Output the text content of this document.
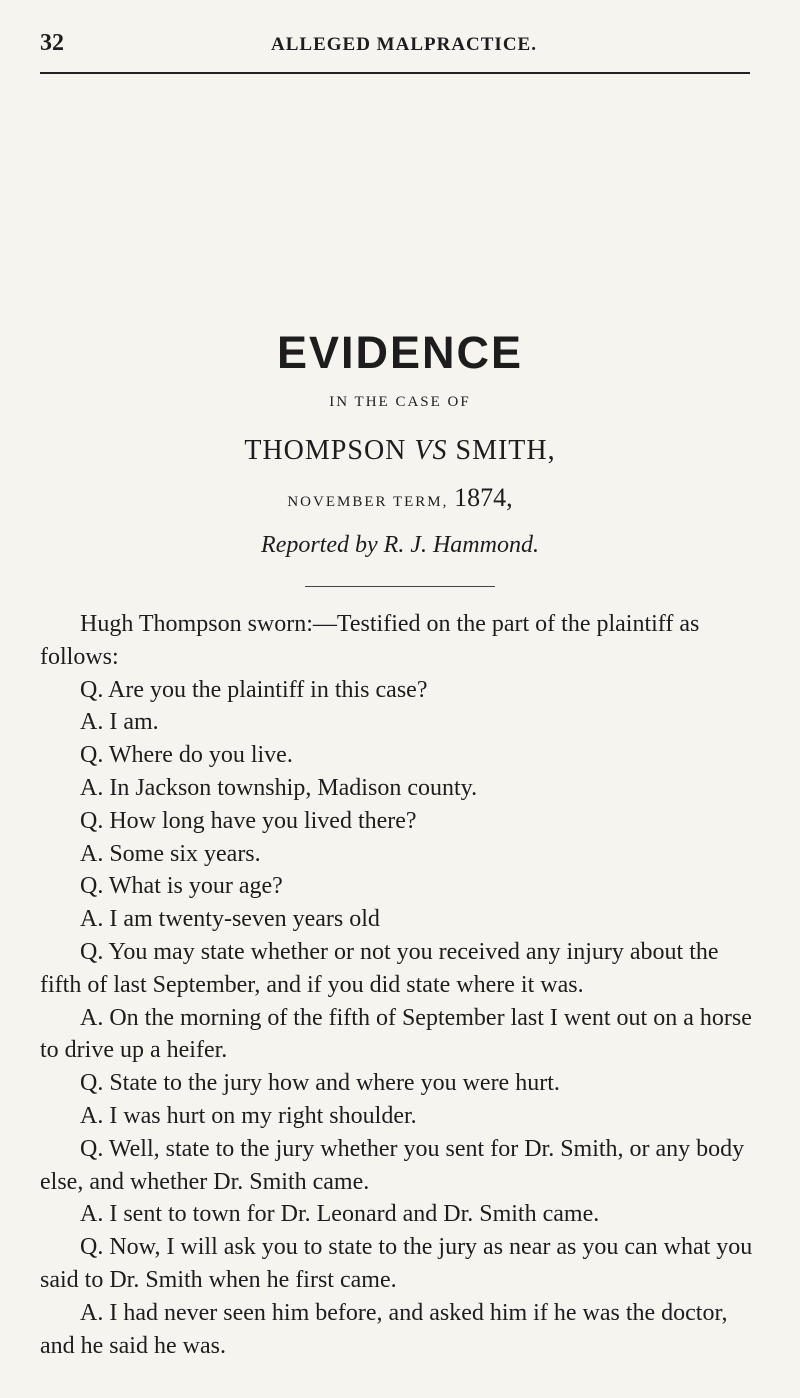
32	ALLEGED MALPRACTICE.
EVIDENCE
IN THE CASE OF
THOMPSON VS SMITH,
NOVEMBER TERM, 1874,
Reported by R. J. Hammond.

Hugh Thompson sworn:—Testified on the part of the plaintiff as follows:

Q. Are you the plaintiff in this case?

A. I am.

Q. Where do you live.

A. In Jackson township, Madison county.

Q. How long have you lived there?

A. Some six years.

Q. What is your age?

A. I am twenty-seven years old

Q. You may state whether or not you received any injury about the fifth of last September, and if you did state where it was.

A. On the morning of the fifth of September last I went out on a horse to drive up a heifer.

Q. State to the jury how and where you were hurt.

A. I was hurt on my right shoulder.

Q. Well, state to the jury whether you sent for Dr. Smith, or any body else, and whether Dr. Smith came.

A. I sent to town for Dr. Leonard and Dr. Smith came.

Q. Now, I will ask you to state to the jury as near as you can what you said to Dr. Smith when he first came.

A. I had never seen him before, and asked him if he was the doctor, and he said he was.
